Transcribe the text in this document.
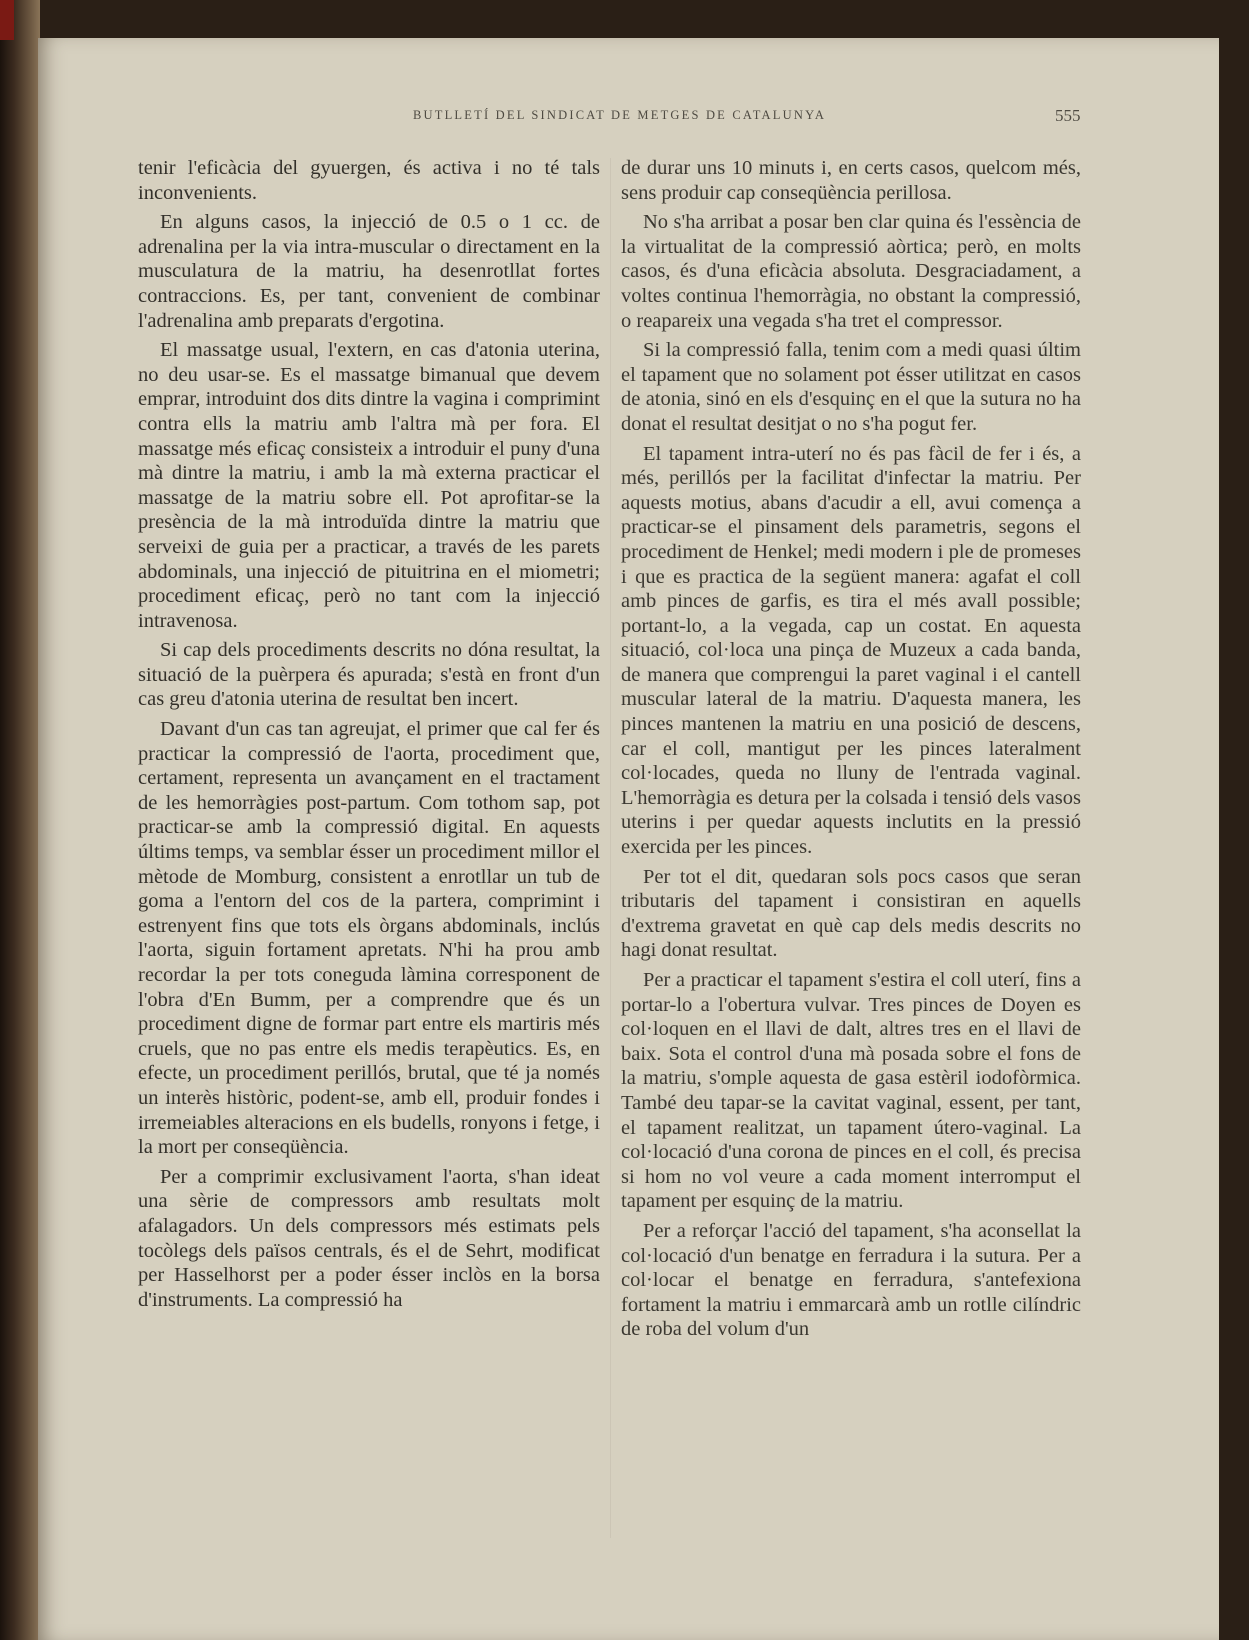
BUTLLETÍ DEL SINDICAT DE METGES DE CATALUNYA	555

tenir l'eficàcia del gyuergen, és activa i no té tals inconvenients.

En alguns casos, la injecció de 0.5 o 1 cc. de adrenalina per la via intra-muscular o directament en la musculatura de la matriu, ha desenrotllat fortes contraccions. Es, per tant, convenient de combinar l'adrenalina amb preparats d'ergotina.

El massatge usual, l'extern, en cas d'atonia uterina, no deu usar-se. Es el massatge bimanual que devem emprar, introduint dos dits dintre la vagina i comprimint contra ells la matriu amb l'altra mà per fora. El massatge més eficaç consisteix a introduir el puny d'una mà dintre la matriu, i amb la mà externa practicar el massatge de la matriu sobre ell. Pot aprofitar-se la presència de la mà introduïda dintre la matriu que serveixi de guia per a practicar, a través de les parets abdominals, una injecció de pituitrina en el miometri; procediment eficaç, però no tant com la injecció intravenosa.

Si cap dels procediments descrits no dóna resultat, la situació de la puèrpera és apurada; s'està en front d'un cas greu d'atonia uterina de resultat ben incert.

Davant d'un cas tan agreujat, el primer que cal fer és practicar la compressió de l'aorta, procediment que, certament, representa un avançament en el tractament de les hemorràgies post-partum. Com tothom sap, pot practicar-se amb la compressió digital. En aquests últims temps, va semblar ésser un procediment millor el mètode de Momburg, consistent a enrotllar un tub de goma a l'entorn del cos de la partera, comprimint i estrenyent fins que tots els òrgans abdominals, inclús l'aorta, siguin fortament apretats. N'hi ha prou amb recordar la per tots coneguda làmina corresponent de l'obra d'En Bumm, per a comprendre que és un procediment digne de formar part entre els martiris més cruels, que no pas entre els medis terapèutics. Es, en efecte, un procediment perillós, brutal, que té ja només un interès històric, podent-se, amb ell, produir fondes i irremeiables alteracions en els budells, ronyons i fetge, i la mort per conseqüència.

Per a comprimir exclusivament l'aorta, s'han ideat una sèrie de compressors amb resultats molt afalagadors. Un dels compressors més estimats pels tocòlegs dels països centrals, és el de Sehrt, modificat per Hasselhorst per a poder ésser inclòs en la borsa d'instruments. La compressió ha

de durar uns 10 minuts i, en certs casos, quelcom més, sens produir cap conseqüència perillosa.

No s'ha arribat a posar ben clar quina és l'essència de la virtualitat de la compressió aòrtica; però, en molts casos, és d'una eficàcia absoluta. Desgraciadament, a voltes continua l'hemorràgia, no obstant la compressió, o reapareix una vegada s'ha tret el compressor.

Si la compressió falla, tenim com a medi quasi últim el tapament que no solament pot ésser utilitzat en casos de atonia, sinó en els d'esquinç en el que la sutura no ha donat el resultat desitjat o no s'ha pogut fer.

El tapament intra-uterí no és pas fàcil de fer i és, a més, perillós per la facilitat d'infectar la matriu. Per aquests motius, abans d'acudir a ell, avui comença a practicar-se el pinsament dels parametris, segons el procediment de Henkel; medi modern i ple de promeses i que es practica de la següent manera: agafat el coll amb pinces de garfis, es tira el més avall possible; portant-lo, a la vegada, cap un costat. En aquesta situació, col·loca una pinça de Muzeux a cada banda, de manera que comprengui la paret vaginal i el cantell muscular lateral de la matriu. D'aquesta manera, les pinces mantenen la matriu en una posició de descens, car el coll, mantigut per les pinces lateralment col·locades, queda no lluny de l'entrada vaginal. L'hemorràgia es detura per la colsada i tensió dels vasos uterins i per quedar aquests inclutits en la pressió exercida per les pinces.

Per tot el dit, quedaran sols pocs casos que seran tributaris del tapament i consistiran en aquells d'extrema gravetat en què cap dels medis descrits no hagi donat resultat.

Per a practicar el tapament s'estira el coll uterí, fins a portar-lo a l'obertura vulvar. Tres pinces de Doyen es col·loquen en el llavi de dalt, altres tres en el llavi de baix. Sota el control d'una mà posada sobre el fons de la matriu, s'omple aquesta de gasa estèril iodofòrmica. També deu tapar-se la cavitat vaginal, essent, per tant, el tapament realitzat, un tapament útero-vaginal. La col·locació d'una corona de pinces en el coll, és precisa si hom no vol veure a cada moment interromput el tapament per esquinç de la matriu.

Per a reforçar l'acció del tapament, s'ha aconsellat la col·locació d'un benatge en ferradura i la sutura. Per a col·locar el benatge en ferradura, s'antefexiona fortament la matriu i emmarcarà amb un rotlle cilíndric de roba del volum d'un
